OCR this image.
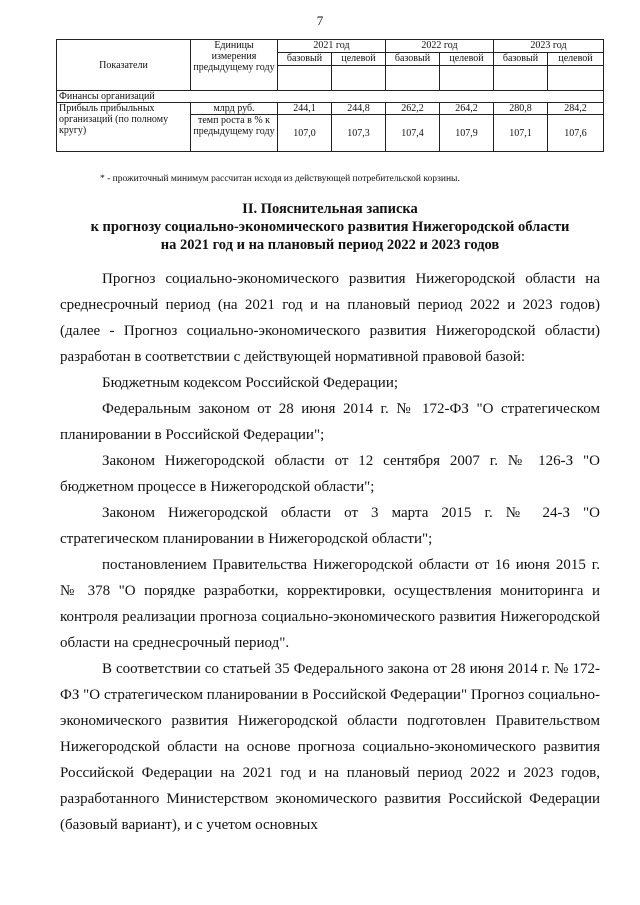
7
Показатели	Единицы измерения предыдущему году	2021 год		2022 год		2023 год	
		базовый	целевой	базовый	целевой	базовый	целевой

Финансы организаций							
Прибыль прибыльных организаций (по полному кругу)	млрд руб.	244,1	244,8	262,2	264,2	280,8	284,2
	темп роста в % к предыдущему году	107,0	107,3	107,4	107,9	107,1	107,6
* - прожиточный минимум рассчитан исходя из действующей потребительской корзины.
II. Пояснительная записка
к прогнозу социально-экономического развития Нижегородской области
на 2021 год и на плановый период 2022 и 2023 годов

Прогноз социально-экономического развития Нижегородской области на среднесрочный период (на 2021 год и на плановый период 2022 и 2023 годов) (далее - Прогноз социально-экономического развития Нижегородской области) разработан в соответствии с действующей нормативной правовой базой:

Бюджетным кодексом Российской Федерации;

Федеральным законом от 28 июня 2014 г. № 172-ФЗ "О стратегическом планировании в Российской Федерации";

Законом Нижегородской области от 12 сентября 2007 г. № 126-З "О бюджетном процессе в Нижегородской области";

Законом Нижегородской области от 3 марта 2015 г. № 24-З "О стратегическом планировании в Нижегородской области";

постановлением Правительства Нижегородской области от 16 июня 2015 г. № 378 "О порядке разработки, корректировки, осуществления мониторинга и контроля реализации прогноза социально-экономического развития Нижегородской области на среднесрочный период".

В соответствии со статьей 35 Федерального закона от 28 июня 2014 г. № 172-ФЗ "О стратегическом планировании в Российской Федерации" Прогноз социально-экономического развития Нижегородской области подготовлен Правительством Нижегородской области на основе прогноза социально-экономического развития Российской Федерации на 2021 год и на плановый период 2022 и 2023 годов, разработанного Министерством экономического развития Российской Федерации (базовый вариант), и с учетом основных
